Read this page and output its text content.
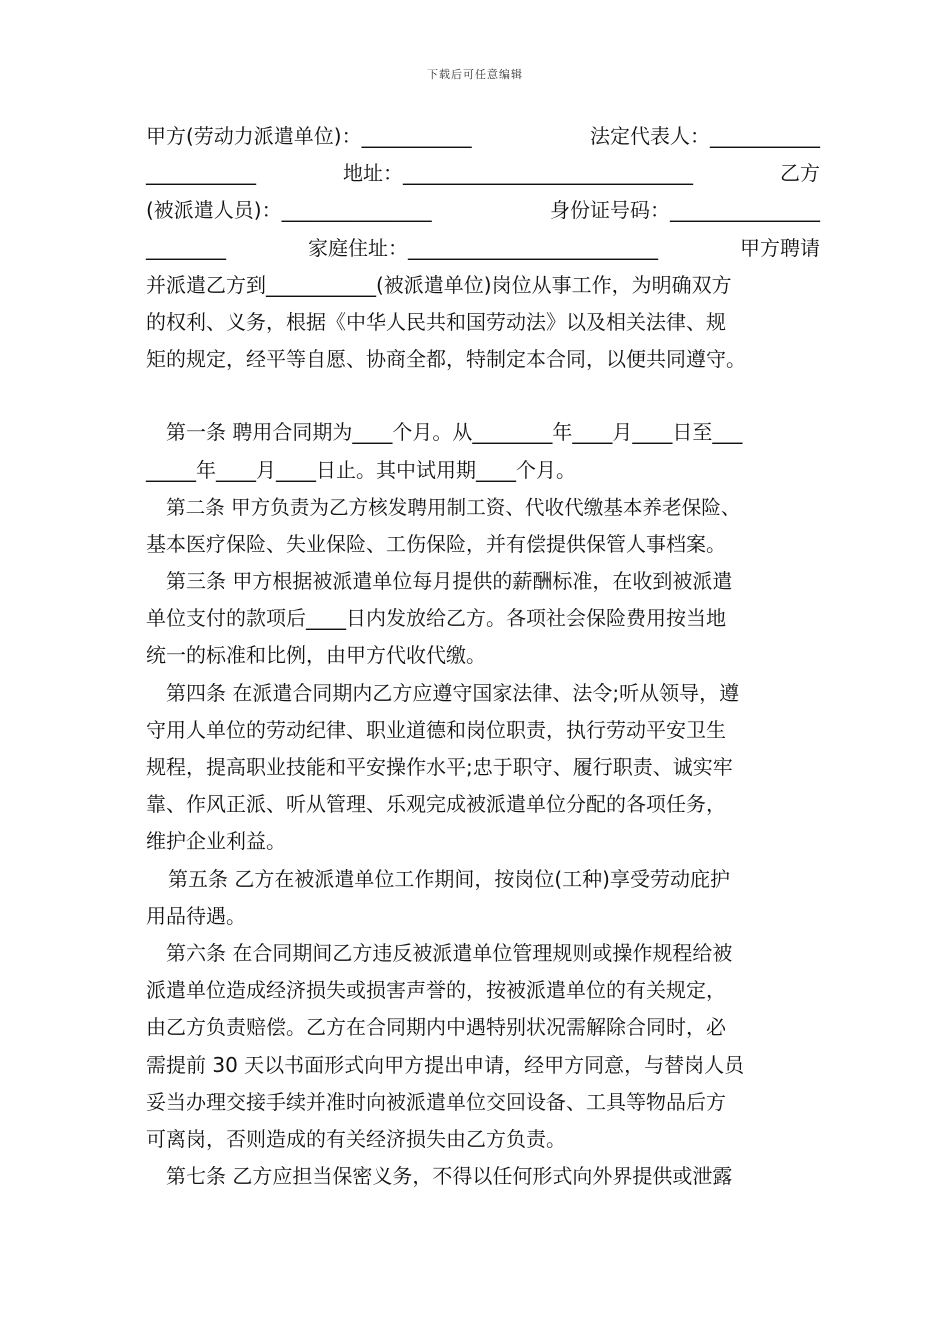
下载后可任意编辑
甲方(劳动力派遣单位)：___________	法定代表人：___________
___________	地址：_____________________________	乙方
(被派遣人员)：_______________	身份证号码：_______________
________	家庭住址：_________________________	甲方聘请
并派遣乙方到___________(被派遣单位)岗位从事工作，为明确双方
的权利、义务，根据《中华人民共和国劳动法》以及相关法律、规
矩的规定，经平等自愿、协商全都，特制定本合同，以便共同遵守。
第一条 聘用合同期为____个月。从________年____月____日至___
_____年____月____日止。其中试用期____个月。
第二条 甲方负责为乙方核发聘用制工资、代收代缴基本养老保险、
基本医疗保险、失业保险、工伤保险，并有偿提供保管人事档案。
第三条 甲方根据被派遣单位每月提供的薪酬标准，在收到被派遣
单位支付的款项后____日内发放给乙方。各项社会保险费用按当地
统一的标准和比例，由甲方代收代缴。
第四条 在派遣合同期内乙方应遵守国家法律、法令;听从领导，遵
守用人单位的劳动纪律、职业道德和岗位职责，执行劳动平安卫生
规程，提高职业技能和平安操作水平;忠于职守、履行职责、诚实牢
靠、作风正派、听从管理、乐观完成被派遣单位分配的各项任务，
维护企业利益。
第五条 乙方在被派遣单位工作期间，按岗位(工种)享受劳动庇护
用品待遇。
第六条 在合同期间乙方违反被派遣单位管理规则或操作规程给被
派遣单位造成经济损失或损害声誉的，按被派遣单位的有关规定，
由乙方负责赔偿。乙方在合同期内中遇特别状况需解除合同时，必
需提前 30 天以书面形式向甲方提出申请，经甲方同意，与替岗人员
妥当办理交接手续并准时向被派遣单位交回设备、工具等物品后方
可离岗，否则造成的有关经济损失由乙方负责。
第七条 乙方应担当保密义务，不得以任何形式向外界提供或泄露
